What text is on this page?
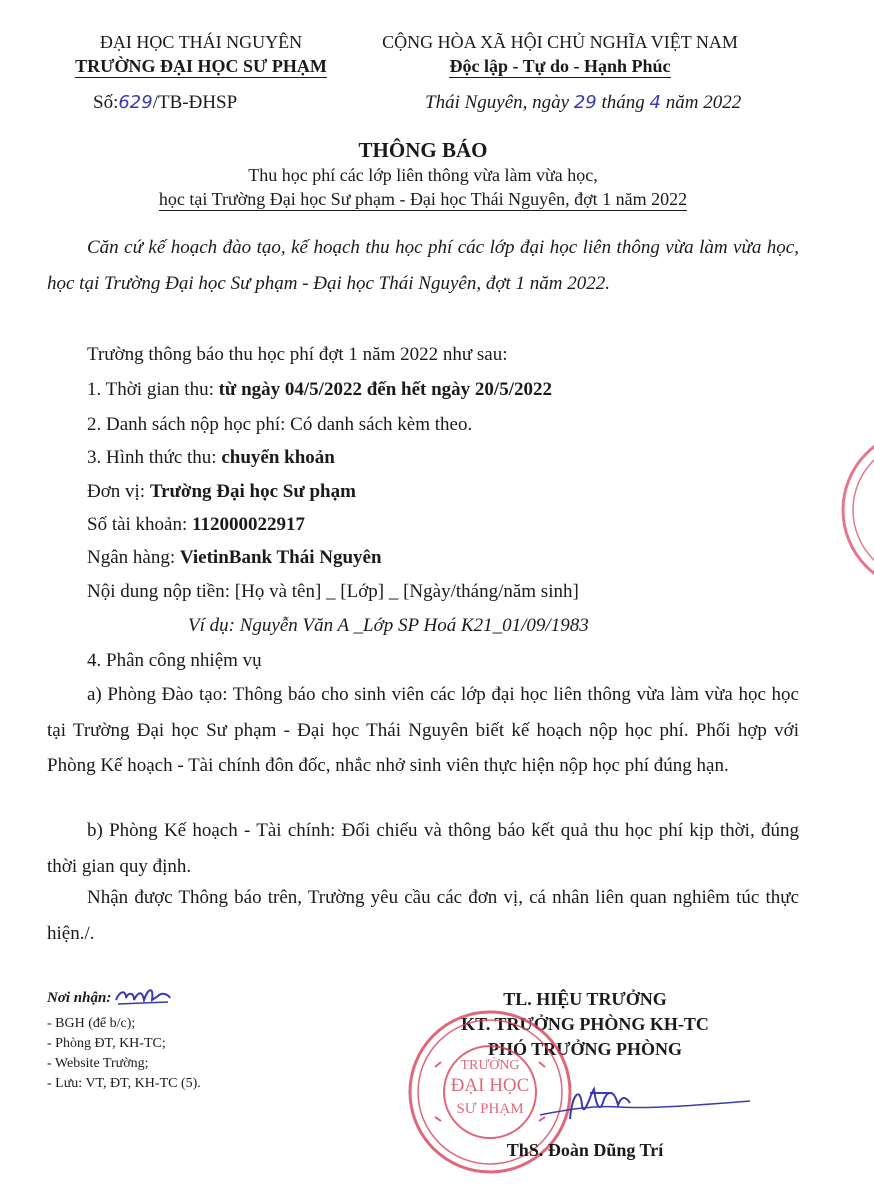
ĐẠI HỌC THÁI NGUYÊN
TRƯỜNG ĐẠI HỌC SƯ PHẠM
Số:629/TB-ĐHSP
CỘNG HÒA XÃ HỘI CHỦ NGHĨA VIỆT NAM
Độc lập - Tự do - Hạnh Phúc
Thái Nguyên, ngày 29 tháng 4 năm 2022
THÔNG BÁO
Thu học phí các lớp liên thông vừa làm vừa học,
học tại Trường Đại học Sư phạm - Đại học Thái Nguyên, đợt 1 năm 2022
Căn cứ kế hoạch đào tạo, kế hoạch thu học phí các lớp đại học liên thông vừa làm vừa học, học tại Trường Đại học Sư phạm - Đại học Thái Nguyên, đợt 1 năm 2022.
Trường thông báo thu học phí đợt 1 năm 2022 như sau:
1. Thời gian thu: từ ngày 04/5/2022 đến hết ngày 20/5/2022
2. Danh sách nộp học phí: Có danh sách kèm theo.
3. Hình thức thu: chuyển khoản
Đơn vị: Trường Đại học Sư phạm
Số tài khoản: 112000022917
Ngân hàng: VietinBank Thái Nguyên
Nội dung nộp tiền: [Họ và tên] _ [Lớp] _ [Ngày/tháng/năm sinh]
Ví dụ: Nguyễn Văn A _Lớp SP Hoá K21_01/09/1983
4. Phân công nhiệm vụ
a) Phòng Đào tạo: Thông báo cho sinh viên các lớp đại học liên thông vừa làm vừa học học tại Trường Đại học Sư phạm - Đại học Thái Nguyên biết kế hoạch nộp học phí. Phối hợp với Phòng Kế hoạch - Tài chính đôn đốc, nhắc nhở sinh viên thực hiện nộp học phí đúng hạn.
b) Phòng Kế hoạch - Tài chính: Đối chiếu và thông báo kết quả thu học phí kịp thời, đúng thời gian quy định.
Nhận được Thông báo trên, Trường yêu cầu các đơn vị, cá nhân liên quan nghiêm túc thực hiện./.
Nơi nhận:
- BGH (để b/c);
- Phòng ĐT, KH-TC;
- Website Trường;
- Lưu: VT, ĐT, KH-TC (5).
TL. HIỆU TRƯỞNG
KT. TRƯỞNG PHÒNG KH-TC
PHÓ TRƯỞNG PHÒNG
TRƯỜNG
ĐẠI HỌC
SƯ PHẠM
ThS. Đoàn Dũng Trí
